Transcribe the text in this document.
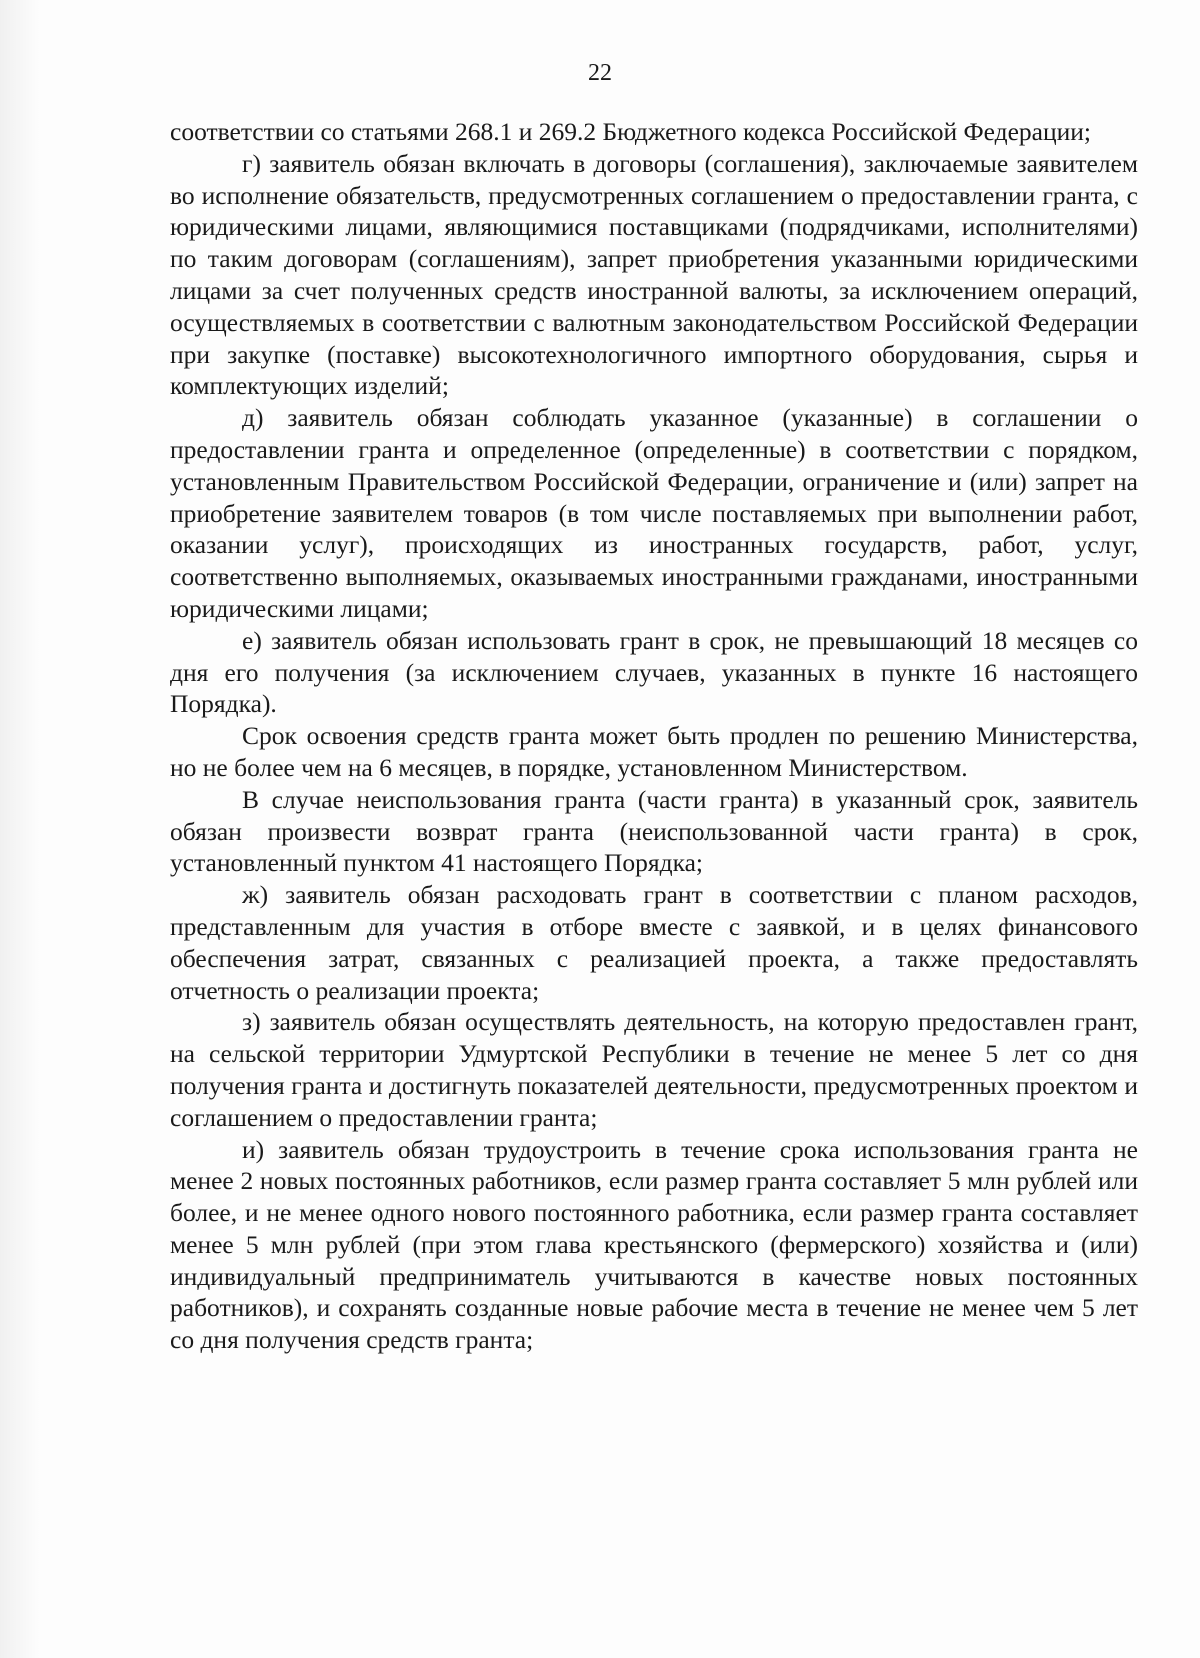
22

соответствии со статьями 268.1 и 269.2 Бюджетного кодекса Российской Федерации;

г) заявитель обязан включать в договоры (соглашения), заключаемые заявителем во исполнение обязательств, предусмотренных соглашением о предоставлении гранта, с юридическими лицами, являющимися поставщиками (подрядчиками, исполнителями) по таким договорам (соглашениям), запрет приобретения указанными юридическими лицами за счет полученных средств иностранной валюты, за исключением операций, осуществляемых в соответствии с валютным законодательством Российской Федерации при закупке (поставке) высокотехнологичного импортного оборудования, сырья и комплектующих изделий;

д) заявитель обязан соблюдать указанное (указанные) в соглашении о предоставлении гранта и определенное (определенные) в соответствии с порядком, установленным Правительством Российской Федерации, ограничение и (или) запрет на приобретение заявителем товаров (в том числе поставляемых при выполнении работ, оказании услуг), происходящих из иностранных государств, работ, услуг, соответственно выполняемых, оказываемых иностранными гражданами, иностранными юридическими лицами;

е) заявитель обязан использовать грант в срок, не превышающий 18 месяцев со дня его получения (за исключением случаев, указанных в пункте 16 настоящего Порядка).

Срок освоения средств гранта может быть продлен по решению Министерства, но не более чем на 6 месяцев, в порядке, установленном Министерством.

В случае неиспользования гранта (части гранта) в указанный срок, заявитель обязан произвести возврат гранта (неиспользованной части гранта) в срок, установленный пунктом 41 настоящего Порядка;

ж) заявитель обязан расходовать грант в соответствии с планом расходов, представленным для участия в отборе вместе с заявкой, и в целях финансового обеспечения затрат, связанных с реализацией проекта, а также предоставлять отчетность о реализации проекта;

з) заявитель обязан осуществлять деятельность, на которую предоставлен грант, на сельской территории Удмуртской Республики в течение не менее 5 лет со дня получения гранта и достигнуть показателей деятельности, предусмотренных проектом и соглашением о предоставлении гранта;

и) заявитель обязан трудоустроить в течение срока использования гранта не менее 2 новых постоянных работников, если размер гранта составляет 5 млн рублей или более, и не менее одного нового постоянного работника, если размер гранта составляет менее 5 млн рублей (при этом глава крестьянского (фермерского) хозяйства и (или) индивидуальный предприниматель учитываются в качестве новых постоянных работников), и сохранять созданные новые рабочие места в течение не менее чем 5 лет со дня получения средств гранта;
